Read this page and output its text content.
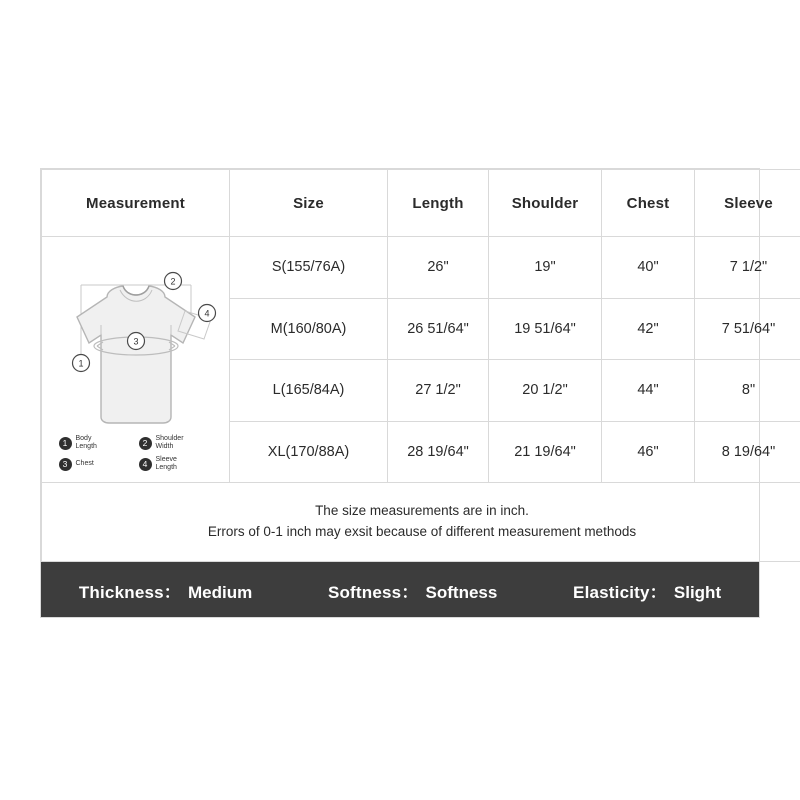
Measurement	Size	Length	Shoulder	Chest	Sleeve

2
1
3
4
1	Body
Length	2	Shoulder
Width
3	Chest	4	Sleeve
Length
	S(155/76A)	26"	19"	40"	7 1/2"
	M(160/80A)	26 51/64"	19 51/64"	42"	7 51/64"
	L(165/84A)	27 1/2"	20 1/2"	44"	8"
	XL(170/88A)	28 19/64"	21 19/64"	46"	8 19/64"

The size measurements are in inch.
Errors of 0-1 inch may exsit because of different measurement methods					
Thickness： Medium	Softness： Softness	Elasticity： Slight
